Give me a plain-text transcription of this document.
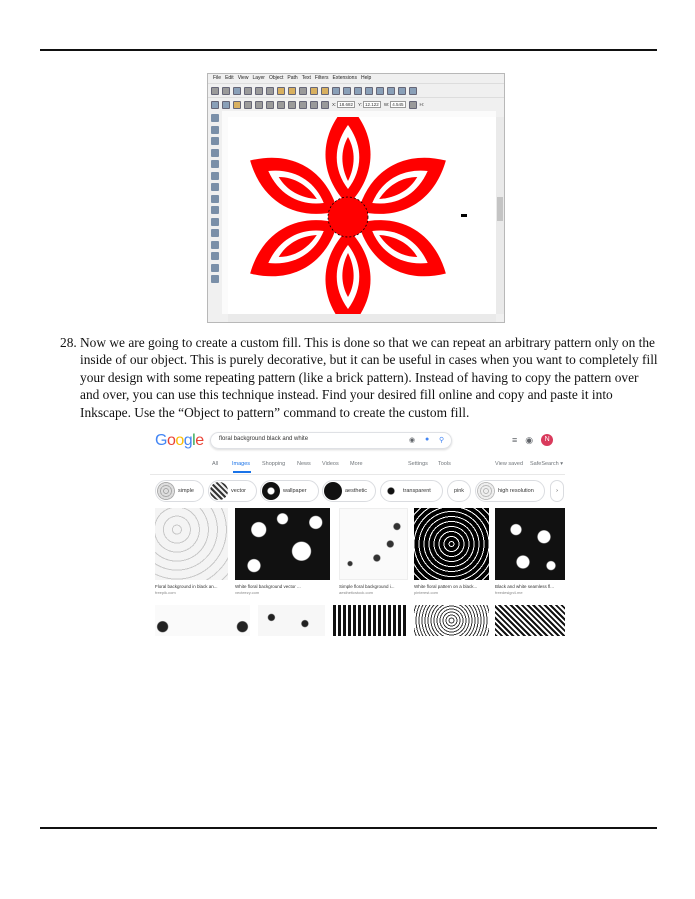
File Edit View Layer Object Path Text Filters Extensions Help
X: 18.682	Y: 12.122	W: 4.545	H:
28. Now we are going to create a custom fill. This is done so that we can repeat an arbitrary pattern only on the inside of our object. This is purely decorative, but it can be useful in cases when you want to completely fill your design with some repeating pattern (like a brick pattern). Instead of having to copy the pattern over and over, you can use this technique instead. Find your desired fill online and copy and paste it into Inkscape. Use the “Object to pattern” command to create the custom fill.
Google	floral background black and white	◉ ● ⚲	≡ ◉	N
All	Images Shopping News Videos More	Settings Tools	View saved SafeSearch ▾
simple	vector	wallpaper	aesthetic	transparent	pink	high resolution	›
Floral background in black an...
freepik.com
White floral background vector ...
vecteezy.com
Simple floral background i...
aestheticstock.com
White floral pattern on a black...
pinterest.com
Black and white seamless fl...
freedesign4.me
